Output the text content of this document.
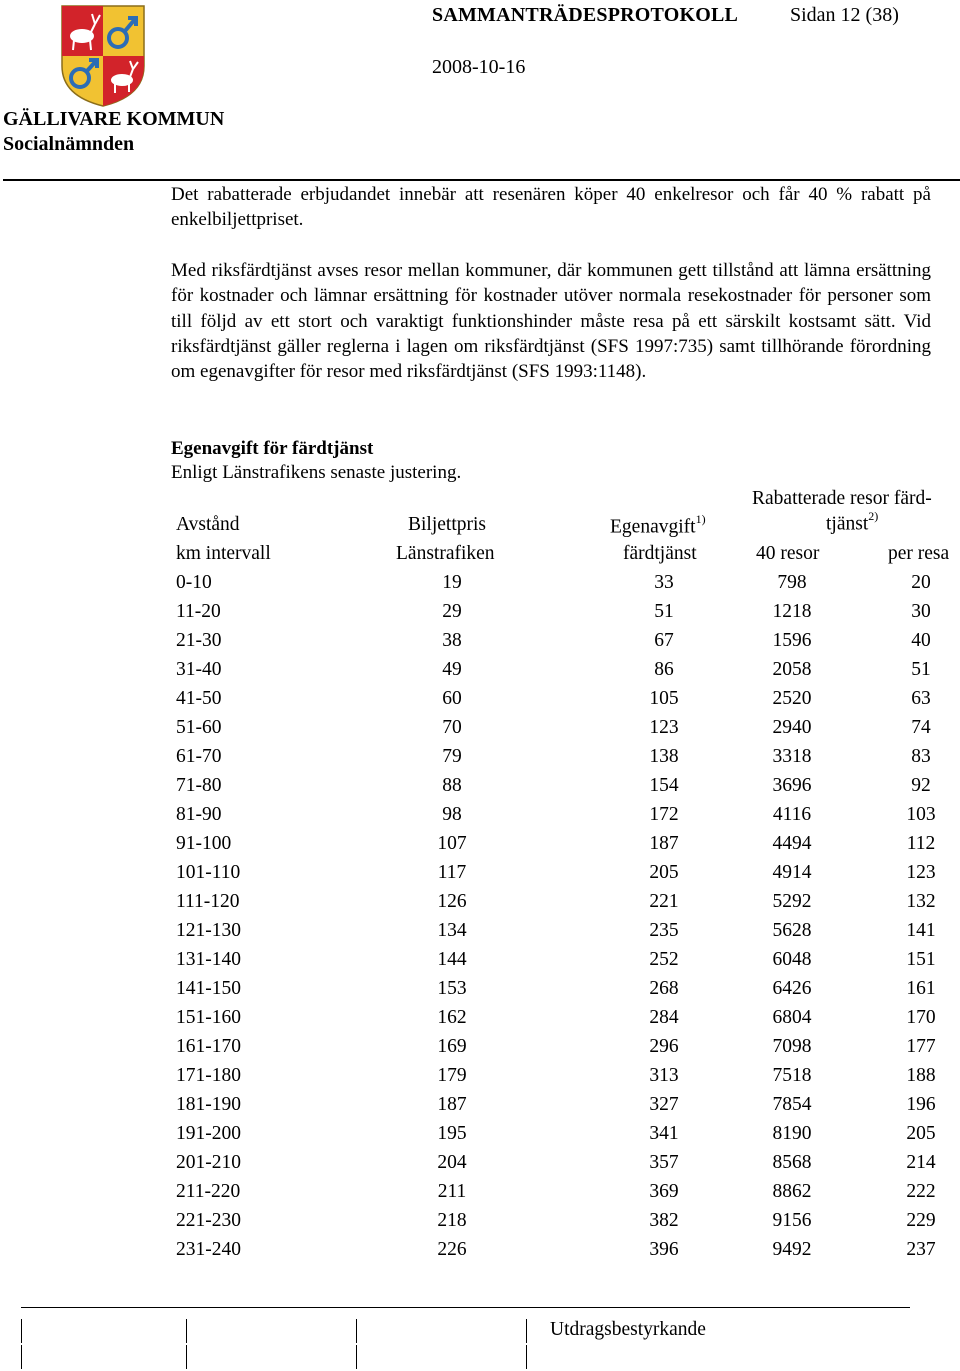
SAMMANTRÄDESPROTOKOLL	Sidan 12 (38)
2008-10-16
GÄLLIVARE KOMMUN
Socialnämnden
Det rabatterade erbjudandet innebär att resenären köper 40 enkelresor och får 40 % rabatt på enkelbiljettpriset.
Med riksfärdtjänst avses resor mellan kommuner, där kommunen gett tillstånd att lämna ersättning för kostnader och lämnar ersättning för kostnader utöver normala resekostnader för personer som till följd av ett stort och varaktigt funktionshinder måste resa på ett särskilt kostsamt sätt. Vid riksfärdtjänst gäller reglerna i lagen om riksfärdtjänst (SFS 1997:735) samt tillhörande förordning om egenavgifter för resor med riksfärdtjänst (SFS 1993:1148).
Egenavgift för färdtjänst
Enligt Länstrafikens senaste justering.
Rabatterade resor färd-
tjänst$^{2)}$
Avstånd	Biljettpris	Egenavgift$^{1)}$
km intervall	Länstrafiken	färdtjänst	40 resor	per resa
0-10	19	33	798	20
11-20	29	51	1218	30
21-30	38	67	1596	40
31-40	49	86	2058	51
41-50	60	105	2520	63
51-60	70	123	2940	74
61-70	79	138	3318	83
71-80	88	154	3696	92
81-90	98	172	4116	103
91-100	107	187	4494	112
101-110	117	205	4914	123
111-120	126	221	5292	132
121-130	134	235	5628	141
131-140	144	252	6048	151
141-150	153	268	6426	161
151-160	162	284	6804	170
161-170	169	296	7098	177
171-180	179	313	7518	188
181-190	187	327	7854	196
191-200	195	341	8190	205
201-210	204	357	8568	214
211-220	211	369	8862	222
221-230	218	382	9156	229
231-240	226	396	9492	237
Utdragsbestyrkande
